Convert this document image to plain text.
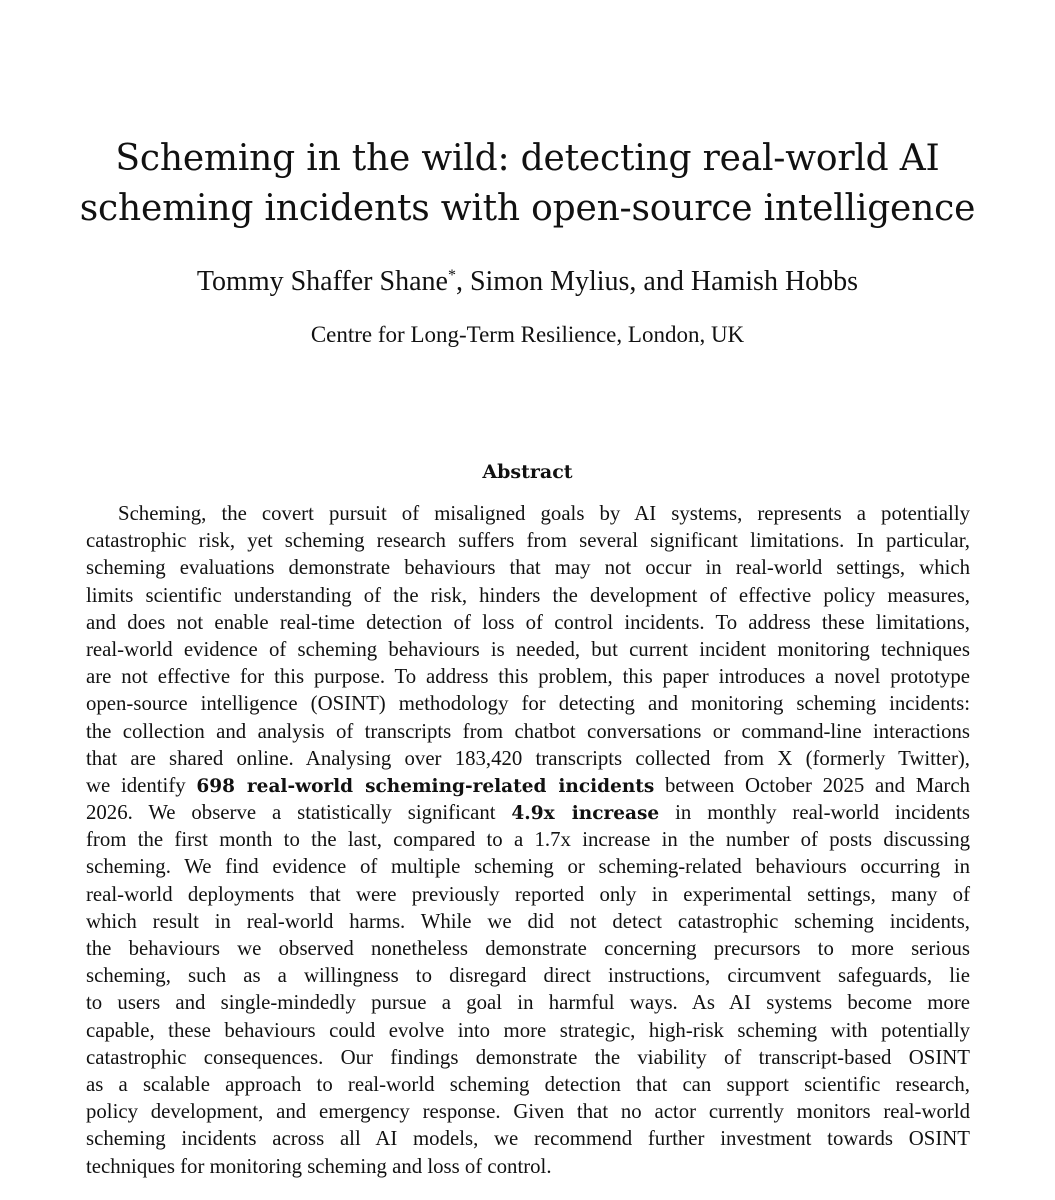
Scheming in the wild: detecting real-world AI
scheming incidents with open-source intelligence
Tommy Shaffer Shane*, Simon Mylius, and Hamish Hobbs
Centre for Long-Term Resilience, London, UK
Abstract
Scheming, the covert pursuit of misaligned goals by AI systems, represents a potentially
catastrophic risk, yet scheming research suffers from several significant limitations. In particular,
scheming evaluations demonstrate behaviours that may not occur in real-world settings, which
limits scientific understanding of the risk, hinders the development of effective policy measures,
and does not enable real-time detection of loss of control incidents. To address these limitations,
real-world evidence of scheming behaviours is needed, but current incident monitoring techniques
are not effective for this purpose. To address this problem, this paper introduces a novel prototype
open-source intelligence (OSINT) methodology for detecting and monitoring scheming incidents:
the collection and analysis of transcripts from chatbot conversations or command-line interactions
that are shared online. Analysing over 183,420 transcripts collected from X (formerly Twitter),
we identify 698 real-world scheming-related incidents between October 2025 and March
2026. We observe a statistically significant 4.9x increase in monthly real-world incidents
from the first month to the last, compared to a 1.7x increase in the number of posts discussing
scheming. We find evidence of multiple scheming or scheming-related behaviours occurring in
real-world deployments that were previously reported only in experimental settings, many of
which result in real-world harms. While we did not detect catastrophic scheming incidents,
the behaviours we observed nonetheless demonstrate concerning precursors to more serious
scheming, such as a willingness to disregard direct instructions, circumvent safeguards, lie
to users and single-mindedly pursue a goal in harmful ways. As AI systems become more
capable, these behaviours could evolve into more strategic, high-risk scheming with potentially
catastrophic consequences. Our findings demonstrate the viability of transcript-based OSINT
as a scalable approach to real-world scheming detection that can support scientific research,
policy development, and emergency response. Given that no actor currently monitors real-world
scheming incidents across all AI models, we recommend further investment towards OSINT
techniques for monitoring scheming and loss of control.
